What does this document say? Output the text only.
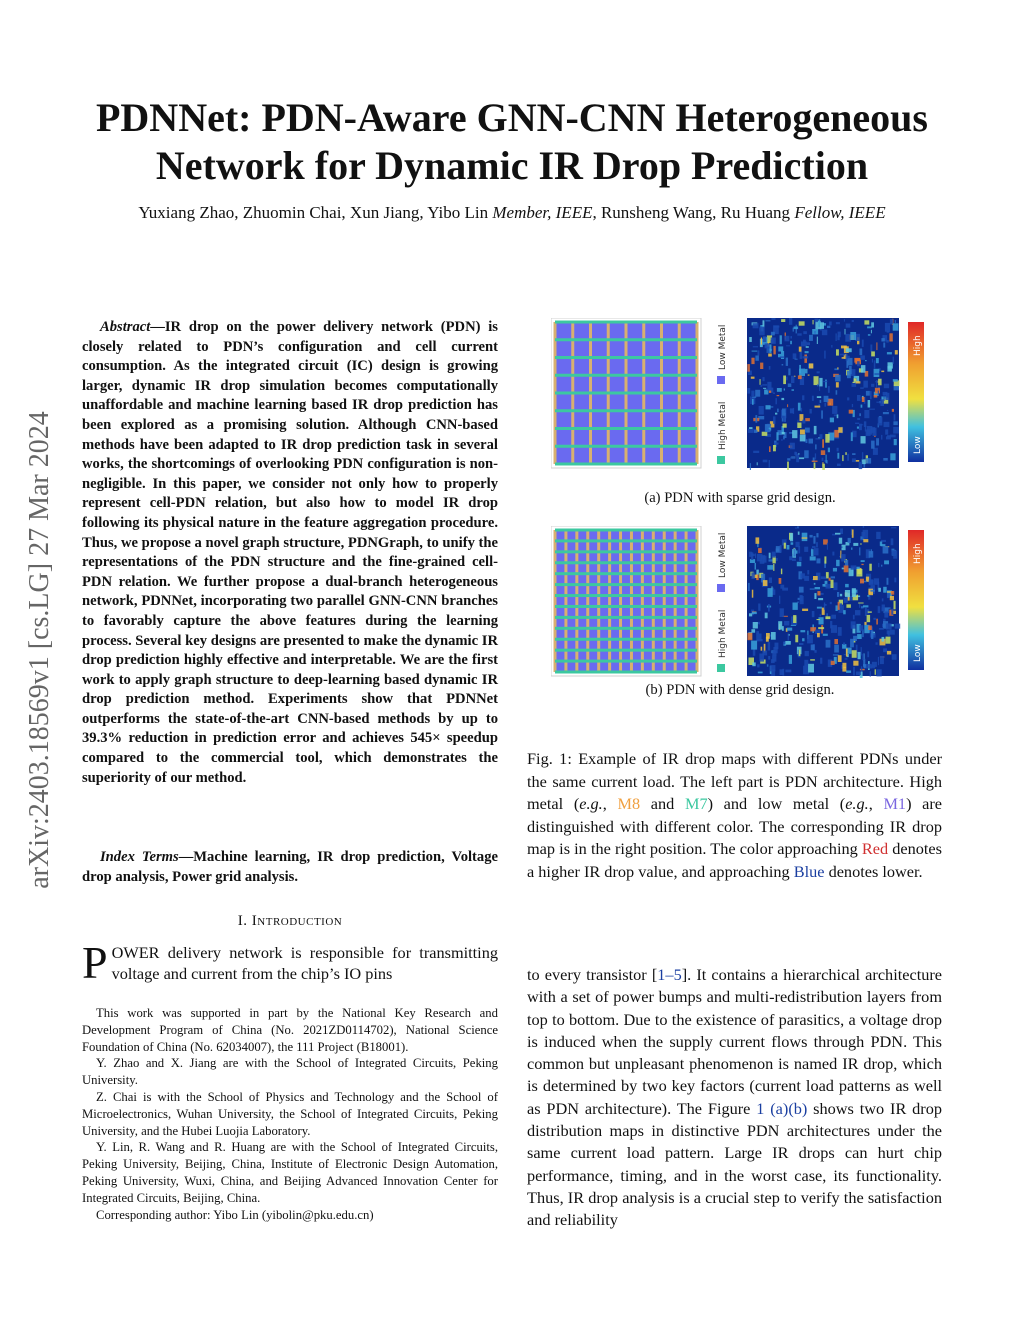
PDNNet: PDN-Aware GNN-CNN Heterogeneous
Network for Dynamic IR Drop Prediction
Yuxiang Zhao, Zhuomin Chai, Xun Jiang, Yibo Lin Member, IEEE, Runsheng Wang, Ru Huang Fellow, IEEE
arXiv:2403.18569v1 [cs.LG] 27 Mar 2024

Abstract—IR drop on the power delivery network (PDN) is closely related to PDN’s configuration and cell current consumption. As the integrated circuit (IC) design is growing larger, dynamic IR drop simulation becomes computationally unaffordable and machine learning based IR drop prediction has been explored as a promising solution. Although CNN-based methods have been adapted to IR drop prediction task in several works, the shortcomings of overlooking PDN configuration is non-negligible. In this paper, we consider not only how to properly represent cell-PDN relation, but also how to model IR drop following its physical nature in the feature aggregation procedure. Thus, we propose a novel graph structure, PDNGraph, to unify the representations of the PDN structure and the fine-grained cell-PDN relation. We further propose a dual-branch heterogeneous network, PDNNet, incorporating two parallel GNN-CNN branches to favorably capture the above features during the learning process. Several key designs are presented to make the dynamic IR drop prediction highly effective and interpretable. We are the first work to apply graph structure to deep-learning based dynamic IR drop prediction method. Experiments show that PDNNet outperforms the state-of-the-art CNN-based methods by up to 39.3% reduction in prediction error and achieves 545× speedup compared to the commercial tool, which demonstrates the superiority of our method.

Index Terms—Machine learning, IR drop prediction, Voltage drop analysis, Power grid analysis.

I. Introduction
POWER delivery network is responsible for transmitting voltage and current from the chip’s IO pins

This work was supported in part by the National Key Research and Development Program of China (No. 2021ZD0114702), National Science Foundation of China (No. 62034007), the 111 Project (B18001).

Y. Zhao and X. Jiang are with the School of Integrated Circuits, Peking University.

Z. Chai is with the School of Physics and Technology and the School of Microelectronics, Wuhan University, the School of Integrated Circuits, Peking University, and the Hubei Luojia Laboratory.

Y. Lin, R. Wang and R. Huang are with the School of Integrated Circuits, Peking University, Beijing, China, Institute of Electronic Design Automation, Peking University, Wuxi, China, and Beijing Advanced Innovation Center for Integrated Circuits, Beijing, China.

Corresponding author: Yibo Lin (yibolin@pku.edu.cn)

High Metal
Low Metal	High
Low
(a) PDN with sparse grid design.
High Metal
Low Metal	High
Low
(b) PDN with dense grid design.

Fig. 1: Example of IR drop maps with different PDNs under the same current load. The left part is PDN architecture. High metal (e.g., M8 and M7) and low metal (e.g., M1) are distinguished with different color. The corresponding IR drop map is in the right position. The color approaching Red denotes a higher IR drop value, and approaching Blue denotes lower.

to every transistor [1–5]. It contains a hierarchical architecture with a set of power bumps and multi-redistribution layers from top to bottom. Due to the existence of parasitics, a voltage drop is induced when the supply current flows through PDN. This common but unpleasant phenomenon is named IR drop, which is determined by two key factors (current load patterns as well as PDN architecture). The Figure 1 (a)(b) shows two IR drop distribution maps in distinctive PDN architectures under the same current load pattern. Large IR drops can hurt chip performance, timing, and in the worst case, its functionality. Thus, IR drop analysis is a crucial step to verify the satisfaction and reliability
